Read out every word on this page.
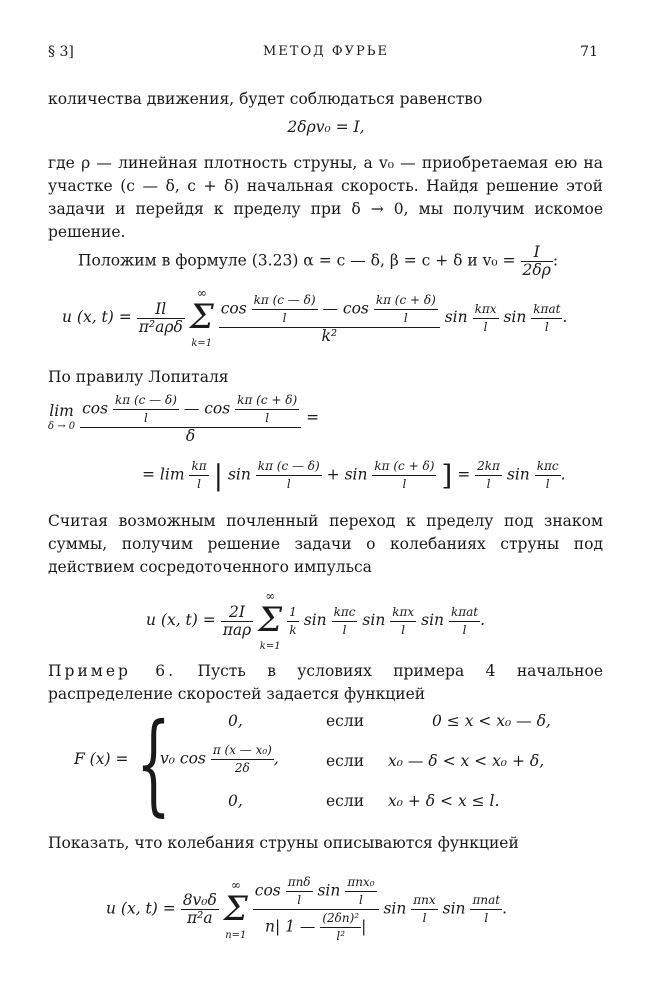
§ 3]	МЕТОД ФУРЬЕ	71
количества движения, будет соблюдаться равенство
2δρv₀ = I,
где ρ — линейная плотность струны, а v₀ — приобретаемая ею на участке (c — δ, c + δ) начальная скорость. Найдя решение этой задачи и перейдя к пределу при δ → 0, мы получим искомое решение.
Положим в формуле (3.23) α = c — δ, β = c + δ и $v_0 = \frac{I}{2\delta\rho}$ :
u (x, $t) = \frac{Il}{\text{π²aρδ}}$
∞
Σ
$k=1 \frac{\cos \frac{k\pi (c — \delta)}{l} — \cos \frac{k\pi (c + \delta)}{l}}{\text{k²}}$ $\sin \frac{\text{kπx}}{l}$ $\sin \frac{\text{kπat}}{l}$ .
По правилу Лопиталя
lim
δ → 0
$\frac{\cos \frac{k\pi (c — \delta)}{l} — \cos \frac{k\pi (c + \delta)}{l}}{\delta}$ =
= $\lim \frac{k\pi}{l}$ | $\sin \frac{k\pi (c — \delta)}{l} + \sin \frac{k\pi (c + \delta)}{l}$ ] = $\frac{2k\pi}{l}$ $\sin \frac{\text{kπc}}{l}$ .
Считая возможным почленный переход к пределу под знаком суммы, получим решение задачи о колебаниях струны под действием сосредоточенного импульса
u (x, $t) = \frac{2I}{\text{πaρ}}$
∞
Σ
k=1
$\frac{1}{k}$ $\sin \frac{\text{kπc}}{l}$ $\sin \frac{\text{kπx}}{l}$ $\sin \frac{\text{kπat}}{l}$ .
Пример 6. Пусть в условиях примера 4 начальное распределение скоростей задается функцией
F (x) = {	0,	если	0 ≤ x < x₀ — δ,
v₀ $\cos \frac{\text{π (x — x₀)}}{2\delta}$ ,	если x₀ — δ < x < x₀ + δ,
0,	если x₀ + δ < x ≤ l.
Показать, что колебания струны описываются функцией
u (x, $t) = \frac{\text{8v₀δ}}{\text{π²a}}$
∞
Σ
$n=1 \frac{\cos \frac{\text{πnδ}}{l} \sin \frac{\text{πnx₀}}{l}}{n| 1 — \frac{\text{(2δn)²}}{\text{l²}} |}$ $\sin \frac{\text{πnx}}{l}$ $\sin \frac{\text{πnat}}{l}$ .
